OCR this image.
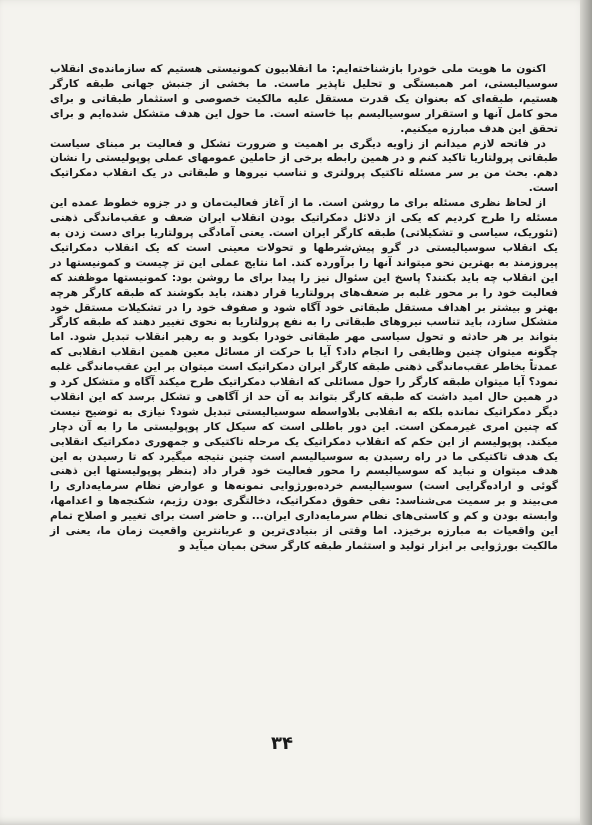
اکنون ما هویت ملی خودرا بازشناخته‌ایم: ما انقلابیون کمونیستی هستیم که سازمانده‌ی انقلاب سوسیالیستی، امر همبستگی و تحلیل ناپذیر ماست. ما بخشی از جنبش جهانی طبقه کارگر هستیم، طبقه‌ای که بعنوان یک قدرت مستقل علیه مالکیت خصوصی و استثمار طبقاتی و برای محو کامل آنها و استقرار سوسیالیسم بپا خاسته است. ما حول این هدف متشکل شده‌ایم و برای تحقق این هدف مبارزه میکنیم.

در فاتحه لازم میدانم از زاویه دیگری بر اهمیت و ضرورت تشکل و فعالیت بر مبنای سیاست طبقاتی پرولتاریا تاکید کنم و در همین رابطه برخی از حاملین عمومهای عملی پوپولیستی را نشان دهم. بحث من بر سر مسئله تاکتیک پرولتری و تناسب نیروها و طبقاتی در یک انقلاب دمکراتیک است.

از لحاظ نظری مسئله برای ما روشن است. ما از آغاز فعالیت‌مان و در جزوه خطوط عمده این مسئله را طرح کردیم که یکی از دلائل دمکراتیک بودن انقلاب ایران ضعف و عقب‌ماندگی ذهنی (تئوریک، سیاسی و تشکیلاتی) طبقه کارگر ایران است. یعنی آمادگی پرولتاریا برای دست زدن به یک انقلاب سوسیالیستی در گرو پیش‌شرطها و تحولات معینی است که یک انقلاب دمکراتیک پیروزمند به بهترین نحو میتواند آنها را برآورده کند. اما نتایج عملی این تز چیست و کمونیستها در این انقلاب چه باید بکنند؟ پاسخ این سئوال نیز را پیدا برای ما روشن بود: کمونیستها موظفند که فعالیت خود را بر محور غلبه بر ضعف‌های پرولتاریا قرار دهند، باید بکوشند که طبقه کارگر هرچه بهتر و بیشتر بر اهداف مستقل طبقاتی خود آگاه شود و صفوف خود را در تشکیلات مستقل خود متشکل سازد، باید تناسب نیروهای طبقاتی را به نفع پرولتاریا به نحوی تغییر دهند که طبقه کارگر بتواند بر هر حادثه و تحول سیاسی مهر طبقاتی خودرا بکوبد و به رهبر انقلاب تبدیل شود. اما چگونه میتوان چنین وظایفی را انجام داد؟ آیا با حرکت از مسائل معین همین انقلاب انقلابی که عمدتاً بخاطر عقب‌ماندگی ذهنی طبقه کارگر ایران دمکراتیک است میتوان بر این عقب‌ماندگی غلبه نمود؟ آیا میتوان طبقه کارگر را حول مسائلی که انقلاب دمکراتیک طرح میکند آگاه و متشکل کرد و در همین حال امید داشت که طبقه کارگر بتواند به آن حد از آگاهی و تشکل برسد که این انقلاب دیگر دمکراتیک نمانده بلکه به انقلابی بلاواسطه سوسیالیستی تبدیل شود؟ نیازی به توضیح نیست که چنین امری غیرممکن است. این دور باطلی است که سیکل کار پوپولیستی ما را به آن دچار میکند. پوپولیسم از این حکم که انقلاب دمکراتیک یک مرحله تاکتیکی و جمهوری دمکراتیک انقلابی یک هدف تاکتیکی ما در راه رسیدن به سوسیالیسم است چنین نتیجه میگیرد که تا رسیدن به این هدف میتوان و نباید که سوسیالیسم را محور فعالیت خود قرار داد (بنظر پوپولیستها این ذهنی گوئی و اراده‌گرایی است) سوسیالیسم خرده‌بورژوایی نمونه‌ها و عوارض نظام سرمایه‌داری را می‌بیند و بر سمیت می‌شناسد: نفی حقوق دمکراتیک، دخالتگری بودن رژیم، شکنجه‌ها و اعدامها، وابسته بودن و کم و کاستی‌های نظام سرمایه‌داری ایران... و حاضر است برای تغییر و اصلاح تمام این واقعیات به مبارزه برخیزد. اما وقتی از بنیادی‌ترین و عریانترین واقعیت زمان ما، یعنی از مالکیت بورژوایی بر ابزار تولید و استثمار طبقه کارگر سخن بمیان میآید و

۳۴
